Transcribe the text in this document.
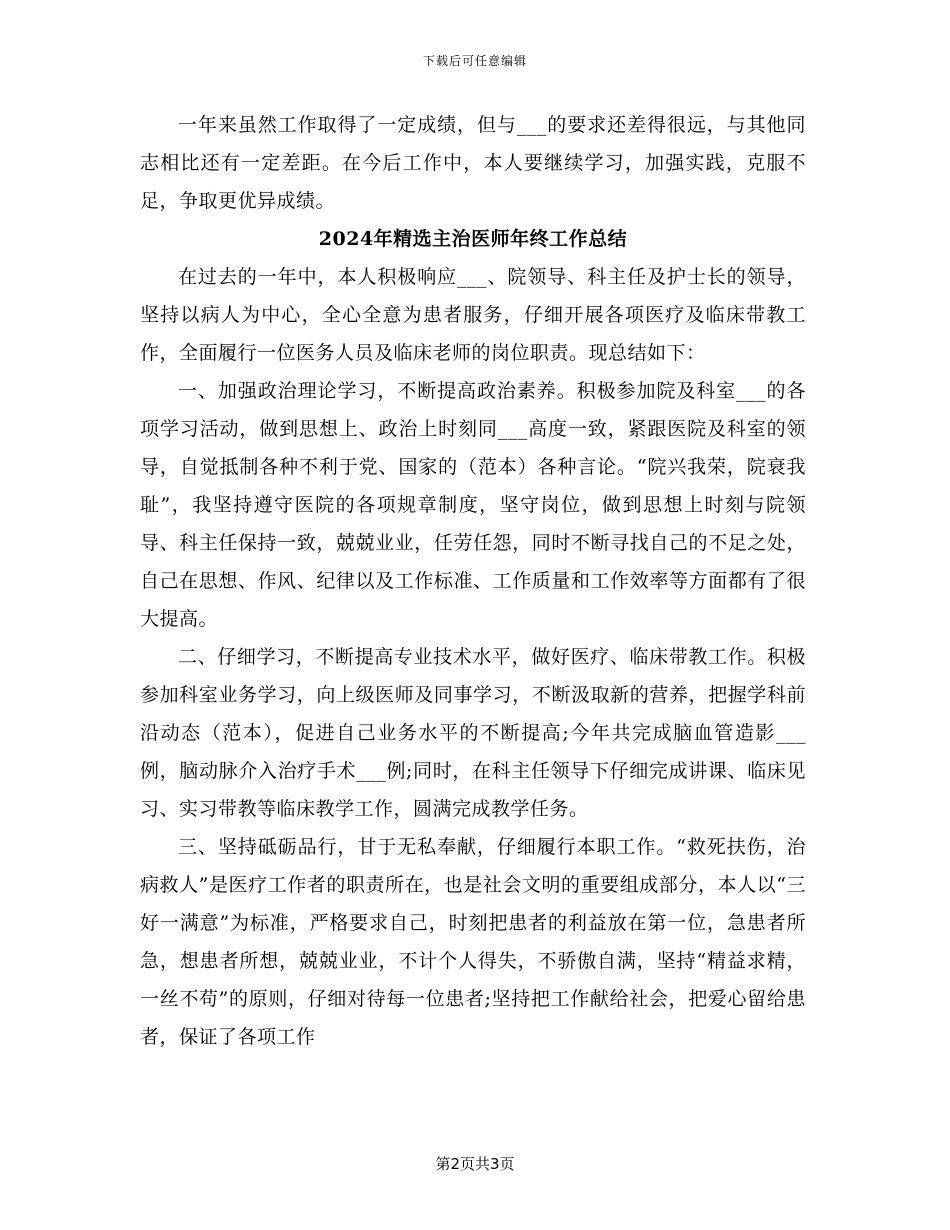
下载后可任意编辑

一年来虽然工作取得了一定成绩，但与___的要求还差得很远，与其他同志相比还有一定差距。在今后工作中，本人要继续学习，加强实践，克服不足，争取更优异成绩。

2024年精选主治医师年终工作总结

在过去的一年中，本人积极响应___、院领导、科主任及护士长的领导，坚持以病人为中心，全心全意为患者服务，仔细开展各项医疗及临床带教工作，全面履行一位医务人员及临床老师的岗位职责。现总结如下：

一、加强政治理论学习，不断提高政治素养。积极参加院及科室___的各项学习活动，做到思想上、政治上时刻同___高度一致，紧跟医院及科室的领导，自觉抵制各种不利于党、国家的（范本）各种言论。“院兴我荣，院衰我耻”，我坚持遵守医院的各项规章制度，坚守岗位，做到思想上时刻与院领导、科主任保持一致，兢兢业业，任劳任怨，同时不断寻找自己的不足之处，自己在思想、作风、纪律以及工作标准、工作质量和工作效率等方面都有了很大提高。

二、仔细学习，不断提高专业技术水平，做好医疗、临床带教工作。积极参加科室业务学习，向上级医师及同事学习，不断汲取新的营养，把握学科前沿动态（范本），促进自己业务水平的不断提高;今年共完成脑血管造影___例，脑动脉介入治疗手术___例;同时，在科主任领导下仔细完成讲课、临床见习、实习带教等临床教学工作，圆满完成教学任务。

三、坚持砥砺品行，甘于无私奉献，仔细履行本职工作。“救死扶伤，治病救人”是医疗工作者的职责所在，也是社会文明的重要组成部分，本人以“三好一满意”为标准，严格要求自己，时刻把患者的利益放在第一位，急患者所急，想患者所想，兢兢业业，不计个人得失，不骄傲自满，坚持“精益求精，一丝不苟”的原则，仔细对待每一位患者;坚持把工作献给社会，把爱心留给患者，保证了各项工作

第2页共3页
